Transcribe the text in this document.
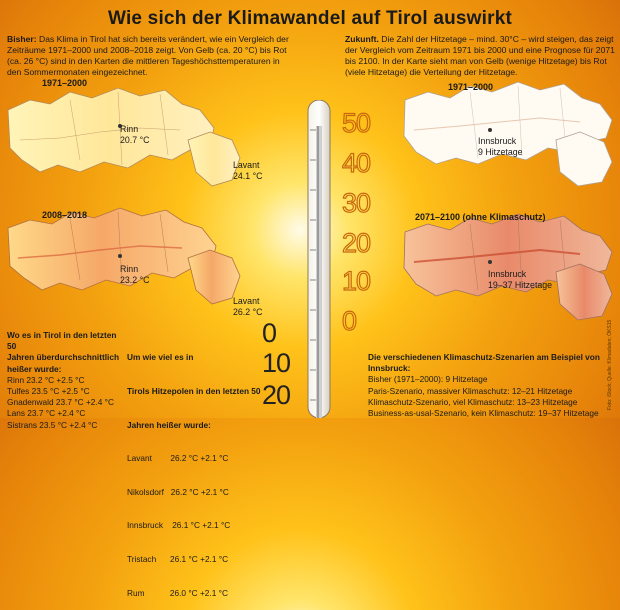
Wie sich der Klimawandel auf Tirol auswirkt
Bisher: Das Klima in Tirol hat sich bereits verändert, wie ein Vergleich der Zeiträume 1971–2000 und 2008–2018 zeigt. Von Gelb (ca. 20 °C) bis Rot (ca. 26 °C) sind in den Karten die mittleren Tageshöchsttemperaturen in den Sommermonaten eingezeichnet.
Zukunft. Die Zahl der Hitzetage – mind. 30°C – wird steigen, das zeigt der Vergleich vom Zeitraum 1971 bis 2000 und eine Prognose für 2071 bis 2100. In der Karte sieht man von Gelb (wenige Hitzetage) bis Rot (viele Hitzetage) die Verteilung der Hitzetage.
1971–2000
Rinn
20.7 °C
Lavant
24.1 °C
2008–2018
Rinn
23.2 °C
Lavant
26.2 °C
1971–2000
Innsbruck
9 Hitzetage
2071–2100 (ohne Klimaschutz)
Innsbruck
19–37 Hitzetage
50
40
30
20
10
0
0
10
20
Wo es in Tirol in den letzten 50
Jahren überdurchschnittlich
heißer wurde:
Rinn 23.2 °C +2.5 °C
Tulfes 23.5 °C +2.5 °C
Gnadenwald 23.7 °C +2.4 °C
Lans 23.7 °C +2.4 °C
Sistrans 23.5 °C +2.4 °C

Um wie viel es in

Tirols Hitzepolen in den letzten 50

Jahren heißer wurde:

Lavant        26.2 °C +2.1 °C

Nikolsdorf   26.2 °C +2.1 °C

Innsbruck    26.1 °C +2.1 °C

Tristach      26.1 °C +2.1 °C

Rum           26.0 °C +2.1 °C

Die verschiedenen Klimaschutz-Szenarien am Beispiel von Innsbruck:
Bisher (1971–2000): 9 Hitzetage
Paris-Szenario, massiver Klimaschutz: 12–21 Hitzetage
Klimaschutz-Szenario, viel Klimaschutz: 13–23 Hitzetage
Business-as-usal-Szenario, kein Klimaschutz: 19–37 Hitzetage
Foto: iStock; Quelle: Klimadaten; ÖKS15
